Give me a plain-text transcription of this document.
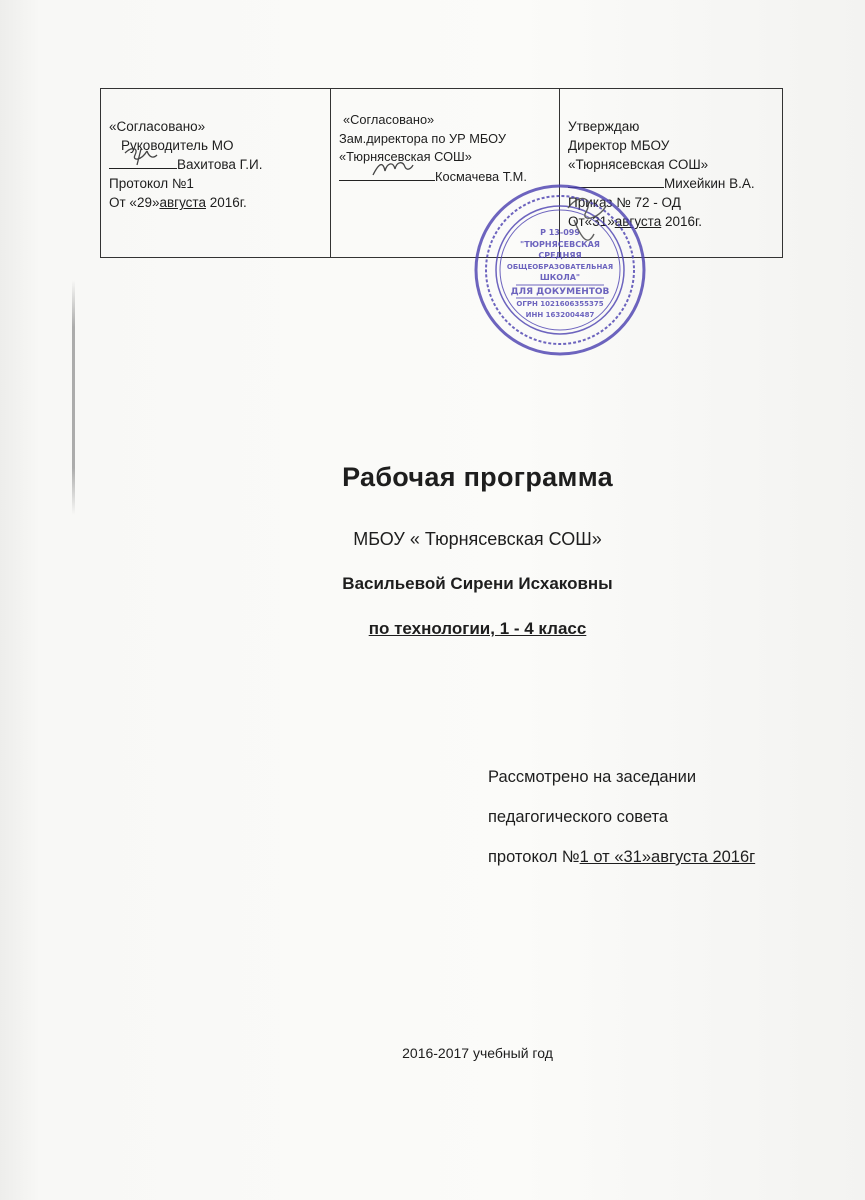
«Согласовано»
Руководитель МО
Вахитова Г.И.
Протокол №1
От «29»августа 2016г.

«Согласовано»
Зам.директора по УР МБОУ
«Тюрнясевская СОШ»
Космачева Т.М.

Утверждаю
Директор МБОУ
«Тюрнясевская СОШ»
Михейкин В.А.
Приказ № 72 - ОД
От«31»августа 2016г.
Р 13-099
"ТЮРНЯСЕВСКАЯ
СРЕДНЯЯ
ОБЩЕОБРАЗОВАТЕЛЬНАЯ
ШКОЛА"
ДЛЯ ДОКУМЕНТОВ
ОГРН 1021606355375
ИНН 1632004487
Рабочая программа
МБОУ « Тюрнясевская СОШ»
Васильевой Сирени Исхаковны
по технологии, 1 - 4 класс
Рассмотрено на заседании
педагогического совета
протокол №1 от «31»августа 2016г
2016-2017 учебный год
